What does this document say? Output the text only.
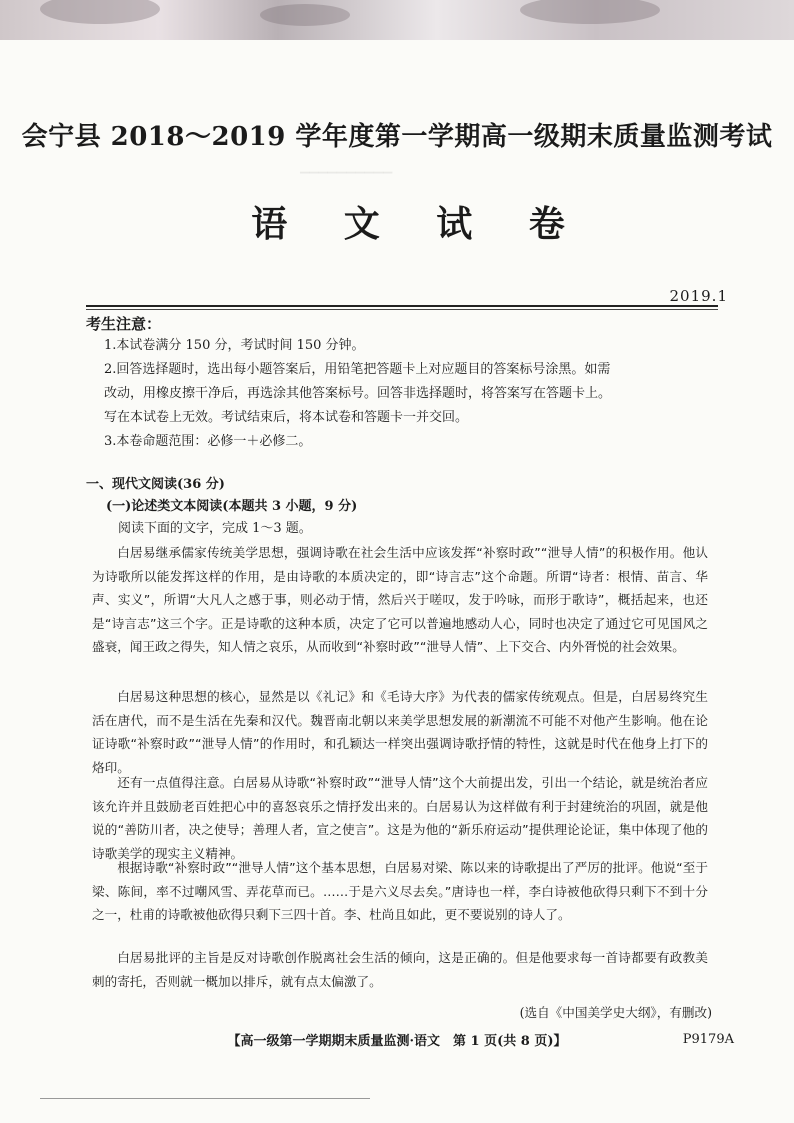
▔▔▔▔▔▔▔▔▔▔
会宁县 2018～2019 学年度第一学期高一级期末质量监测考试
语 文 试 卷
2019.1
考生注意：
1.本试卷满分 150 分，考试时间 150 分钟。
2.回答选择题时，选出每小题答案后，用铅笔把答题卡上对应题目的答案标号涂黑。如需
改动，用橡皮擦干净后，再选涂其他答案标号。回答非选择题时，将答案写在答题卡上。
写在本试卷上无效。考试结束后，将本试卷和答题卡一并交回。
3.本卷命题范围：必修一＋必修二。
一、现代文阅读(36 分)
(一)论述类文本阅读(本题共 3 小题，9 分)
阅读下面的文字，完成 1～3 题。
白居易继承儒家传统美学思想，强调诗歌在社会生活中应该发挥“补察时政”“泄导人情”的积极作用。他认为诗歌所以能发挥这样的作用，是由诗歌的本质决定的，即“诗言志”这个命题。所谓“诗者：根情、苗言、华声、实义”，所谓“大凡人之感于事，则必动于情，然后兴于嗟叹，发于吟咏，而形于歌诗”，概括起来，也还是“诗言志”这三个字。正是诗歌的这种本质，决定了它可以普遍地感动人心，同时也决定了通过它可见国风之盛衰，闻王政之得失，知人情之哀乐，从而收到“补察时政”“泄导人情”、上下交合、内外胥悦的社会效果。
白居易这种思想的核心，显然是以《礼记》和《毛诗大序》为代表的儒家传统观点。但是，白居易终究生活在唐代，而不是生活在先秦和汉代。魏晋南北朝以来美学思想发展的新潮流不可能不对他产生影响。他在论证诗歌“补察时政”“泄导人情”的作用时，和孔颖达一样突出强调诗歌抒情的特性，这就是时代在他身上打下的烙印。
还有一点值得注意。白居易从诗歌“补察时政”“泄导人情”这个大前提出发，引出一个结论，就是统治者应该允许并且鼓励老百姓把心中的喜怒哀乐之情抒发出来的。白居易认为这样做有利于封建统治的巩固，就是他说的“善防川者，决之使导；善理人者，宣之使言”。这是为他的“新乐府运动”提供理论论证，集中体现了他的诗歌美学的现实主义精神。
根据诗歌“补察时政”“泄导人情”这个基本思想，白居易对梁、陈以来的诗歌提出了严厉的批评。他说“至于梁、陈间，率不过嘲风雪、弄花草而已。……于是六义尽去矣。”唐诗也一样，李白诗被他砍得只剩下不到十分之一，杜甫的诗歌被他砍得只剩下三四十首。李、杜尚且如此，更不要说别的诗人了。
白居易批评的主旨是反对诗歌创作脱离社会生活的倾向，这是正确的。但是他要求每一首诗都要有政教美刺的寄托，否则就一概加以排斥，就有点太偏激了。
(选自《中国美学史大纲》，有删改)
【高一级第一学期期末质量监测·语文　第 1 页(共 8 页)】	P9179A
